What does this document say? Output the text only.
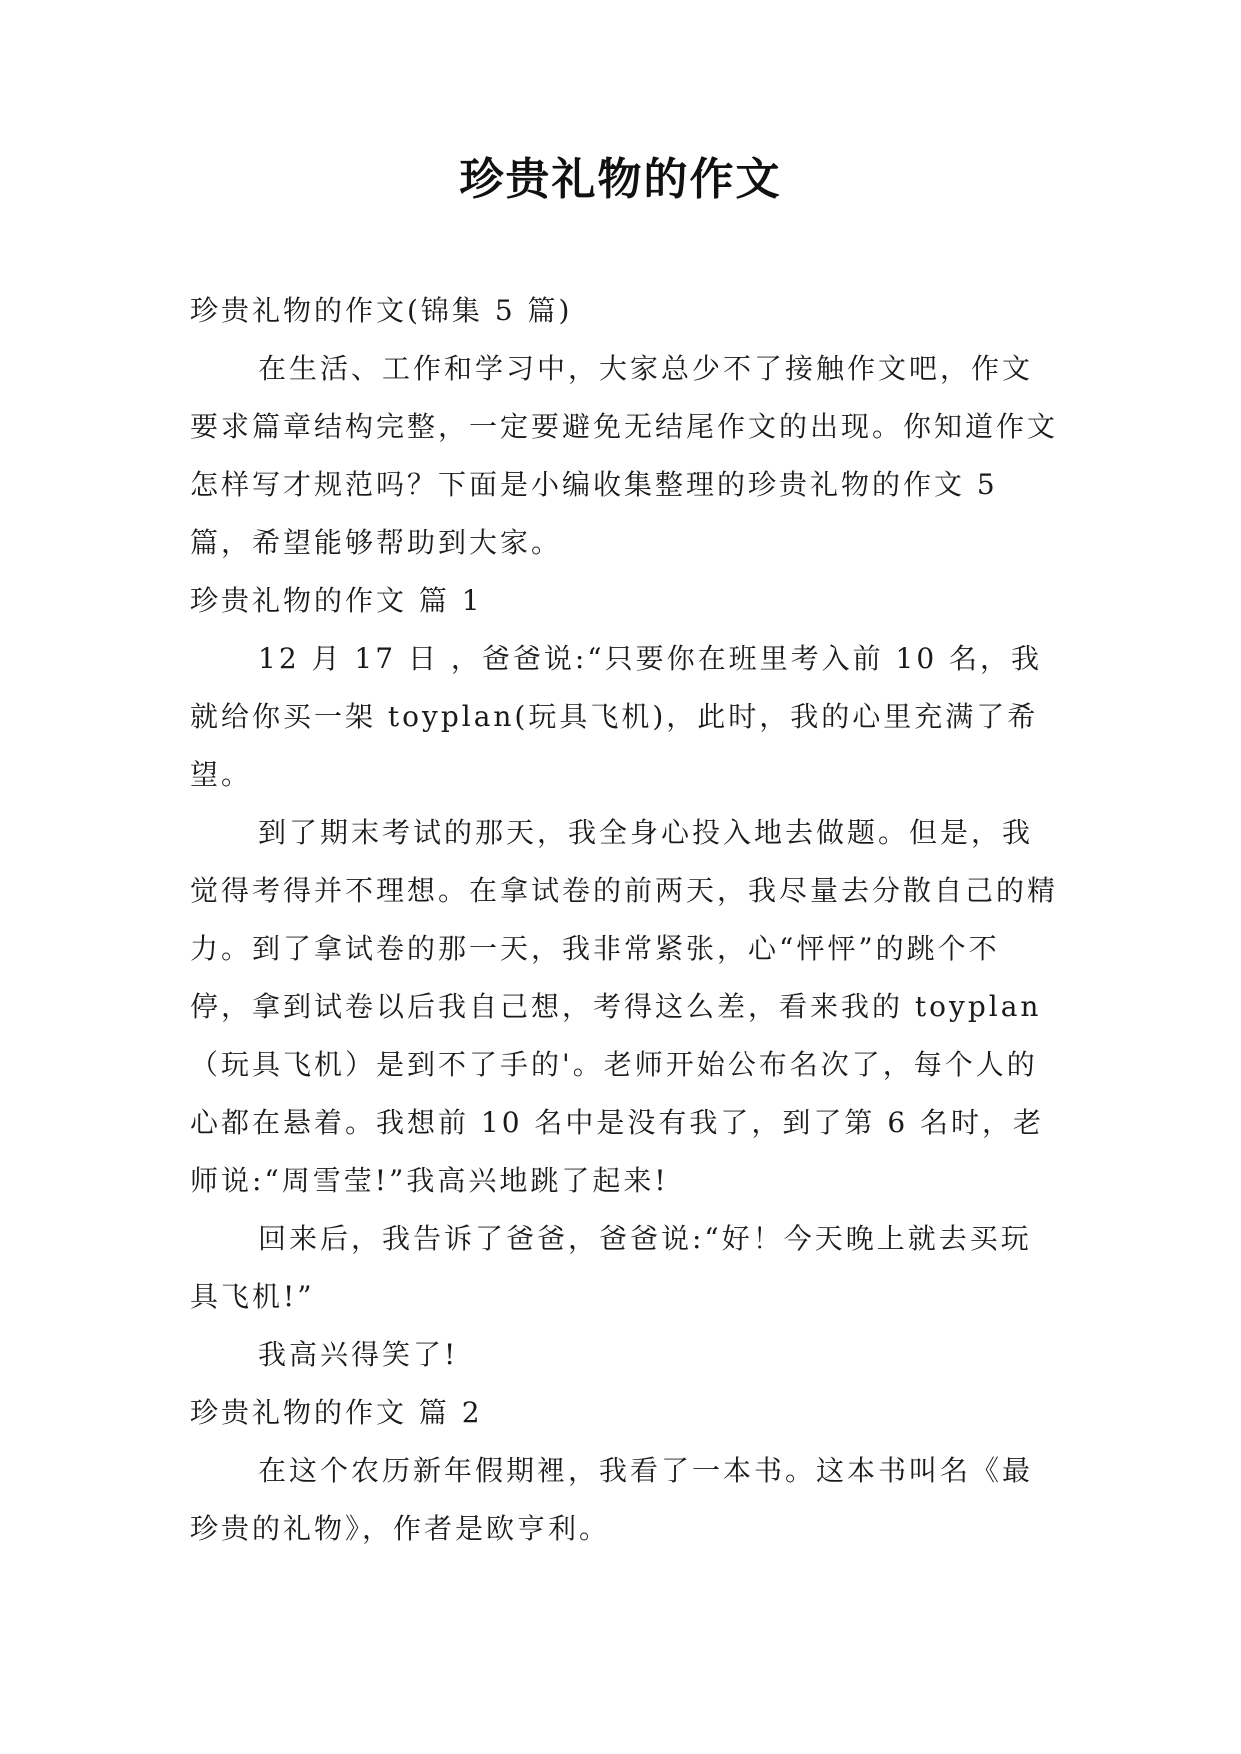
珍贵礼物的作文

珍贵礼物的作文(锦集 5 篇)

在生活、工作和学习中，大家总少不了接触作文吧，作文要求篇章结构完整，一定要避免无结尾作文的出现。你知道作文怎样写才规范吗？下面是小编收集整理的珍贵礼物的作文 5 篇，希望能够帮助到大家。

珍贵礼物的作文 篇 1

12 月 17 日 ，爸爸说:“只要你在班里考入前 10 名，我就给你买一架 toyplan(玩具飞机)，此时，我的心里充满了希望。

到了期末考试的那天，我全身心投入地去做题。但是，我觉得考得并不理想。在拿试卷的前两天，我尽量去分散自己的精力。到了拿试卷的那一天，我非常紧张，心“怦怦”的跳个不停，拿到试卷以后我自己想，考得这么差，看来我的 toyplan（玩具飞机）是到不了手的'。老师开始公布名次了，每个人的心都在悬着。我想前 10 名中是没有我了，到了第 6 名时，老师说:“周雪莹!”我高兴地跳了起来!

回来后，我告诉了爸爸，爸爸说:“好！今天晚上就去买玩具飞机!”

我高兴得笑了!

珍贵礼物的作文 篇 2

在这个农历新年假期裡，我看了一本书。这本书叫名《最珍贵的礼物》，作者是欧亨利。
